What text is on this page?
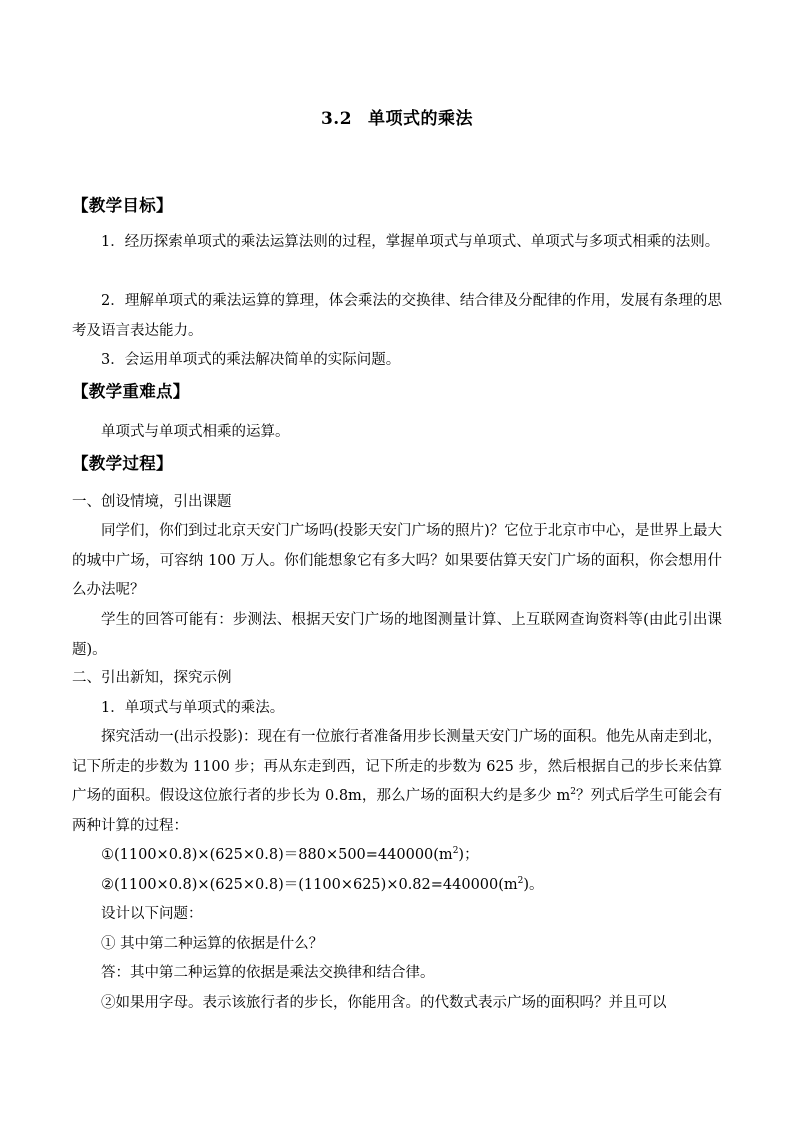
3.2 单项式的乘法
【教学目标】
1．经历探索单项式的乘法运算法则的过程，掌握单项式与单项式、单项式与多项式相乘的法则。
2．理解单项式的乘法运算的算理，体会乘法的交换律、结合律及分配律的作用，发展有条理的思考及语言表达能力。
3．会运用单项式的乘法解决简单的实际问题。
【教学重难点】
单项式与单项式相乘的运算。
【教学过程】
一、创设情境，引出课题
同学们，你们到过北京天安门广场吗(投影天安门广场的照片)？它位于北京市中心，是世界上最大的城中广场，可容纳 100 万人。你们能想象它有多大吗？如果要估算天安门广场的面积，你会想用什么办法呢？
学生的回答可能有：步测法、根据天安门广场的地图测量计算、上互联网查询资料等(由此引出课题)。
二、引出新知，探究示例
1．单项式与单项式的乘法。
探究活动一(出示投影)：现在有一位旅行者准备用步长测量天安门广场的面积。他先从南走到北，记下所走的步数为 1100 步；再从东走到西，记下所走的步数为 625 步，然后根据自己的步长来估算广场的面积。假设这位旅行者的步长为 0.8m，那么广场的面积大约是多少 $m^2$？列式后学生可能会有两种计算的过程：
$①(1100\times 0.8)\times(625\times 0.8)=880\times 500=440000(m^2)$；
$②(1100\times 0.8)\times(625\times 0.8)=(1100\times 625)\times 0.82=440000(m^2)$。
设计以下问题：
① 其中第二种运算的依据是什么？
答：其中第二种运算的依据是乘法交换律和结合律。
②如果用字母。表示该旅行者的步长，你能用含。的代数式表示广场的面积吗？并且可以
